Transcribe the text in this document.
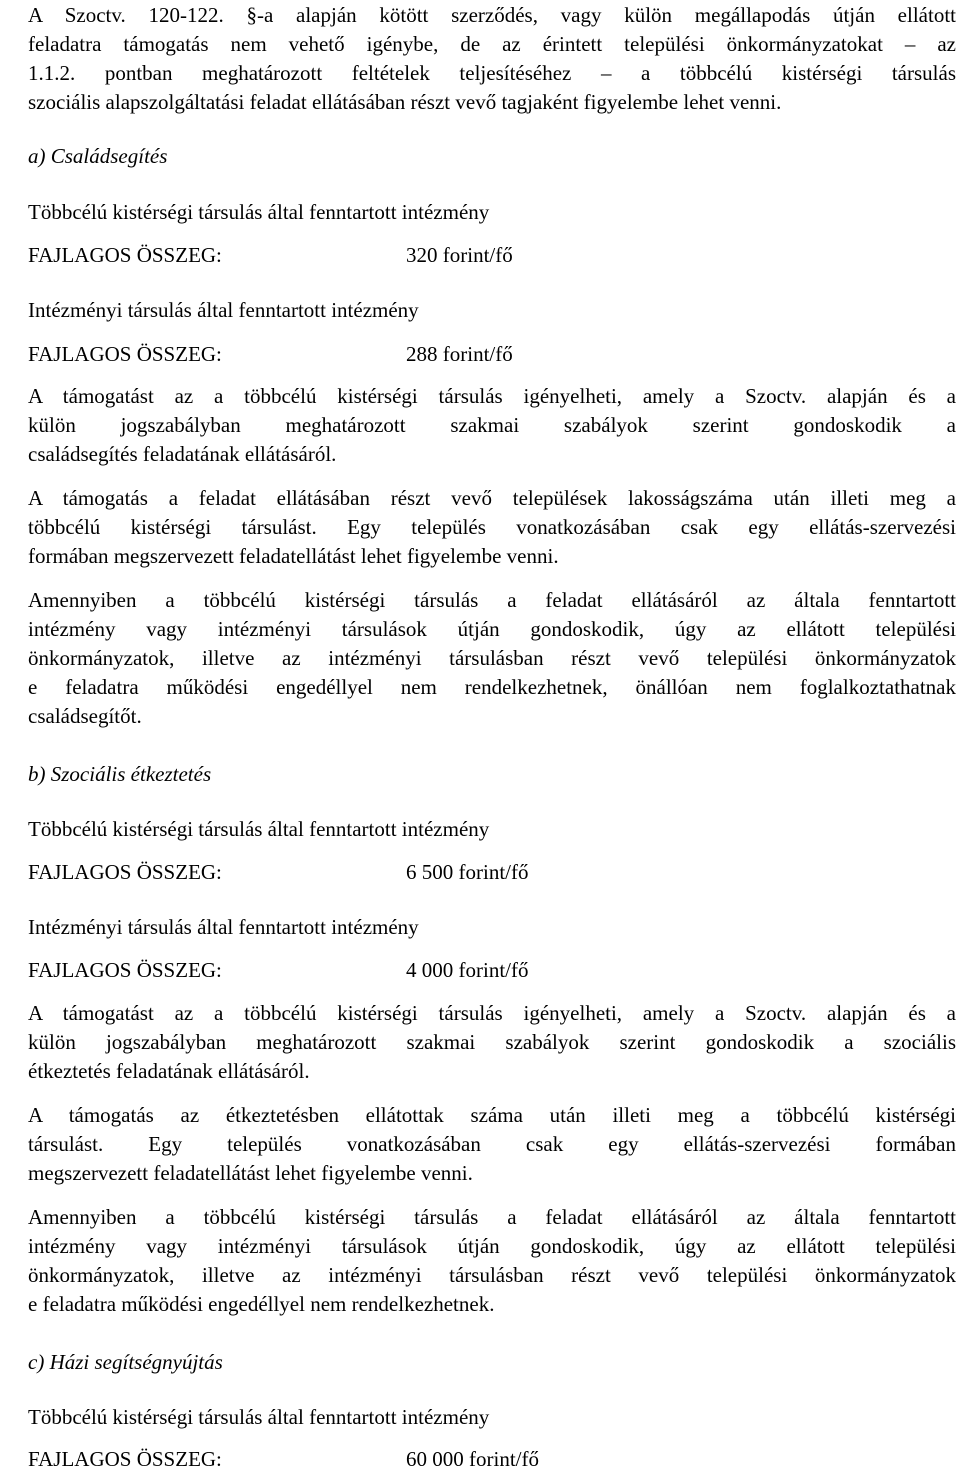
A Szoctv. 120-122. §-a alapján kötött szerződés, vagy külön megállapodás útján ellátott
feladatra támogatás nem vehető igénybe, de az érintett települési önkormányzatokat – az
1.1.2. pontban meghatározott feltételek teljesítéséhez – a többcélú kistérségi társulás
szociális alapszolgáltatási feladat ellátásában részt vevő tagjaként figyelembe lehet venni.
a) Családsegítés
Többcélú kistérségi társulás által fenntartott intézmény
FAJLAGOS ÖSSZEG:	320 forint/fő
Intézményi társulás által fenntartott intézmény
FAJLAGOS ÖSSZEG:	288 forint/fő
A támogatást az a többcélú kistérségi társulás igényelheti, amely a Szoctv. alapján és a
külön jogszabályban meghatározott szakmai szabályok szerint gondoskodik a
családsegítés feladatának ellátásáról.
A támogatás a feladat ellátásában részt vevő települések lakosságszáma után illeti meg a
többcélú kistérségi társulást. Egy település vonatkozásában csak egy ellátás-szervezési
formában megszervezett feladatellátást lehet figyelembe venni.
Amennyiben a többcélú kistérségi társulás a feladat ellátásáról az általa fenntartott
intézmény vagy intézményi társulások útján gondoskodik, úgy az ellátott települési
önkormányzatok, illetve az intézményi társulásban részt vevő települési önkormányzatok
e feladatra működési engedéllyel nem rendelkezhetnek, önállóan nem foglalkoztathatnak
családsegítőt.
b) Szociális étkeztetés
Többcélú kistérségi társulás által fenntartott intézmény
FAJLAGOS ÖSSZEG:	6 500 forint/fő
Intézményi társulás által fenntartott intézmény
FAJLAGOS ÖSSZEG:	4 000 forint/fő
A támogatást az a többcélú kistérségi társulás igényelheti, amely a Szoctv. alapján és a
külön jogszabályban meghatározott szakmai szabályok szerint gondoskodik a szociális
étkeztetés feladatának ellátásáról.
A támogatás az étkeztetésben ellátottak száma után illeti meg a többcélú kistérségi
társulást. Egy település vonatkozásában csak egy ellátás-szervezési formában
megszervezett feladatellátást lehet figyelembe venni.
Amennyiben a többcélú kistérségi társulás a feladat ellátásáról az általa fenntartott
intézmény vagy intézményi társulások útján gondoskodik, úgy az ellátott települési
önkormányzatok, illetve az intézményi társulásban részt vevő települési önkormányzatok
e feladatra működési engedéllyel nem rendelkezhetnek.
c) Házi segítségnyújtás
Többcélú kistérségi társulás által fenntartott intézmény
FAJLAGOS ÖSSZEG:	60 000 forint/fő
